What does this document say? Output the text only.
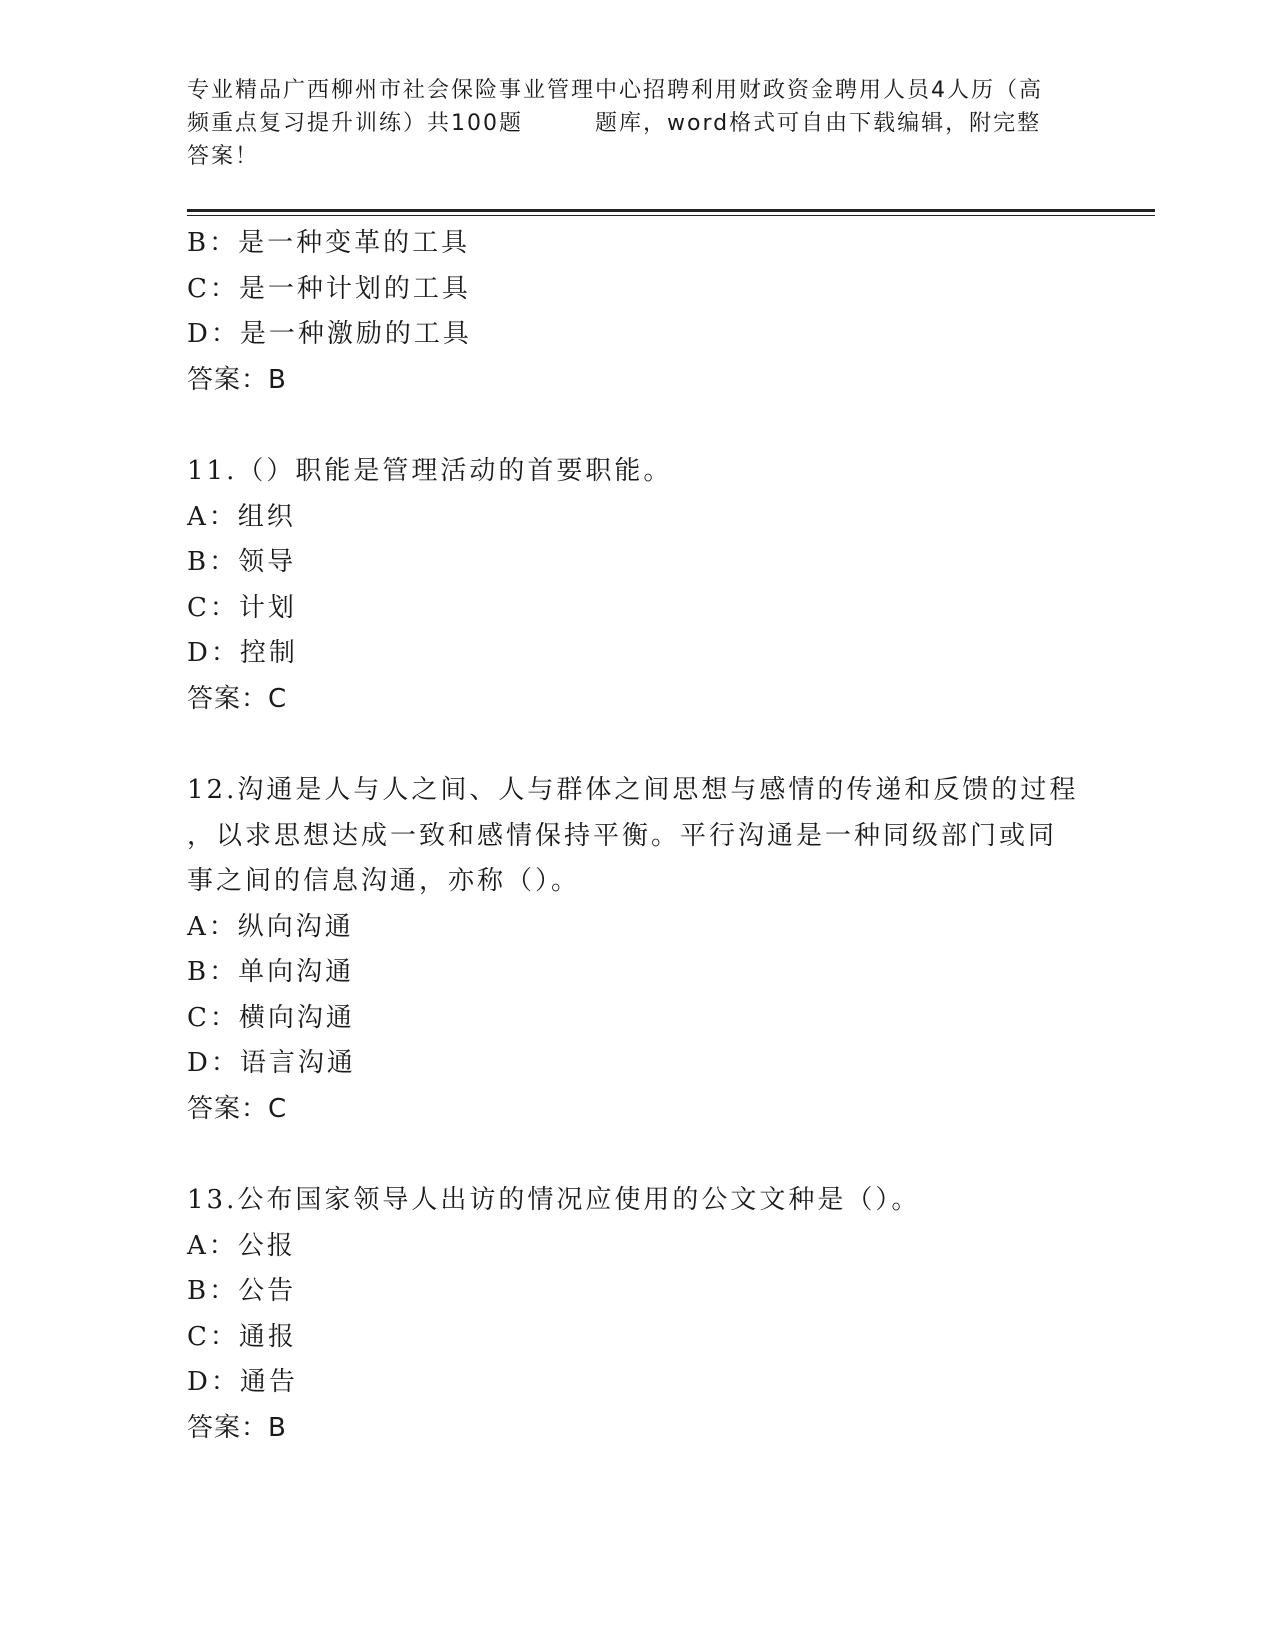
专业精品广西柳州市社会保险事业管理中心招聘利用财政资金聘用人员4人历（高
频重点复习提升训练）共100题	题库，word格式可自由下载编辑，附完整
答案！
B：是一种变革的工具
C：是一种计划的工具
D：是一种激励的工具
答案：B
11.（）职能是管理活动的首要职能。
A：组织
B：领导
C：计划
D：控制
答案：C
12.沟通是人与人之间、人与群体之间思想与感情的传递和反馈的过程
，以求思想达成一致和感情保持平衡。平行沟通是一种同级部门或同
事之间的信息沟通，亦称（）。
A：纵向沟通
B：单向沟通
C：横向沟通
D：语言沟通
答案：C
13.公布国家领导人出访的情况应使用的公文文种是（）。
A：公报
B：公告
C：通报
D：通告
答案：B
